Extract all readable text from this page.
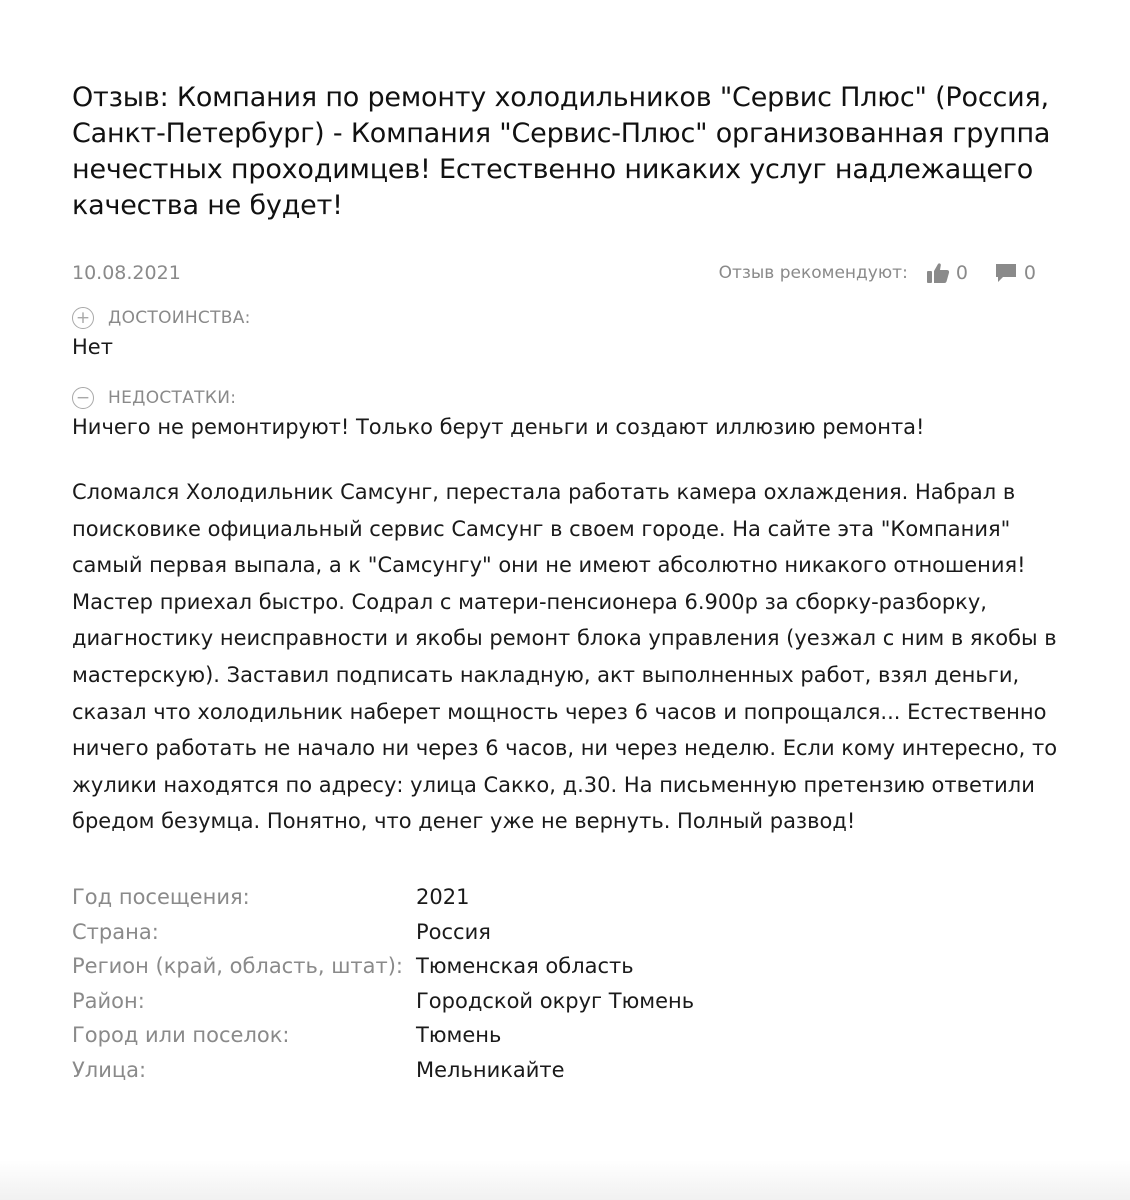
Отзыв: Компания по ремонту холодильников "Сервис Плюс" (Россия, Санкт-Петербург) - Компания "Сервис-Плюс" организованная группа нечестных проходимцев! Естественно никаких услуг надлежащего качества не будет!
10.08.2021	Отзыв рекомендуют:	0	0
+ ДОСТОИНСТВА:
Нет
− НЕДОСТАТКИ:
Ничего не ремонтируют! Только берут деньги и создают иллюзию ремонта!
Сломался Холодильник Самсунг, перестала работать камера охлаждения. Набрал в поисковике официальный сервис Самсунг в своем городе. На сайте эта "Компания" самый первая выпала, а к "Самсунгу" они не имеют абсолютно никакого отношения! Мастер приехал быстро. Содрал с матери-пенсионера 6.900р за сборку-разборку, диагностику неисправности и якобы ремонт блока управления (уезжал с ним в якобы в мастерскую). Заставил подписать накладную, акт выполненных работ, взял деньги, сказал что холодильник наберет мощность через 6 часов и попрощался... Естественно ничего работать не начало ни через 6 часов, ни через неделю. Если кому интересно, то жулики находятся по адресу: улица Сакко, д.30. На письменную претензию ответили бредом безумца. Понятно, что денег уже не вернуть. Полный развод!
Год посещения:	2021
Страна:	Россия
Регион (край, область, штат):	Тюменская область
Район:	Городской округ Тюмень
Город или поселок:	Тюмень
Улица:	Мельникайте
